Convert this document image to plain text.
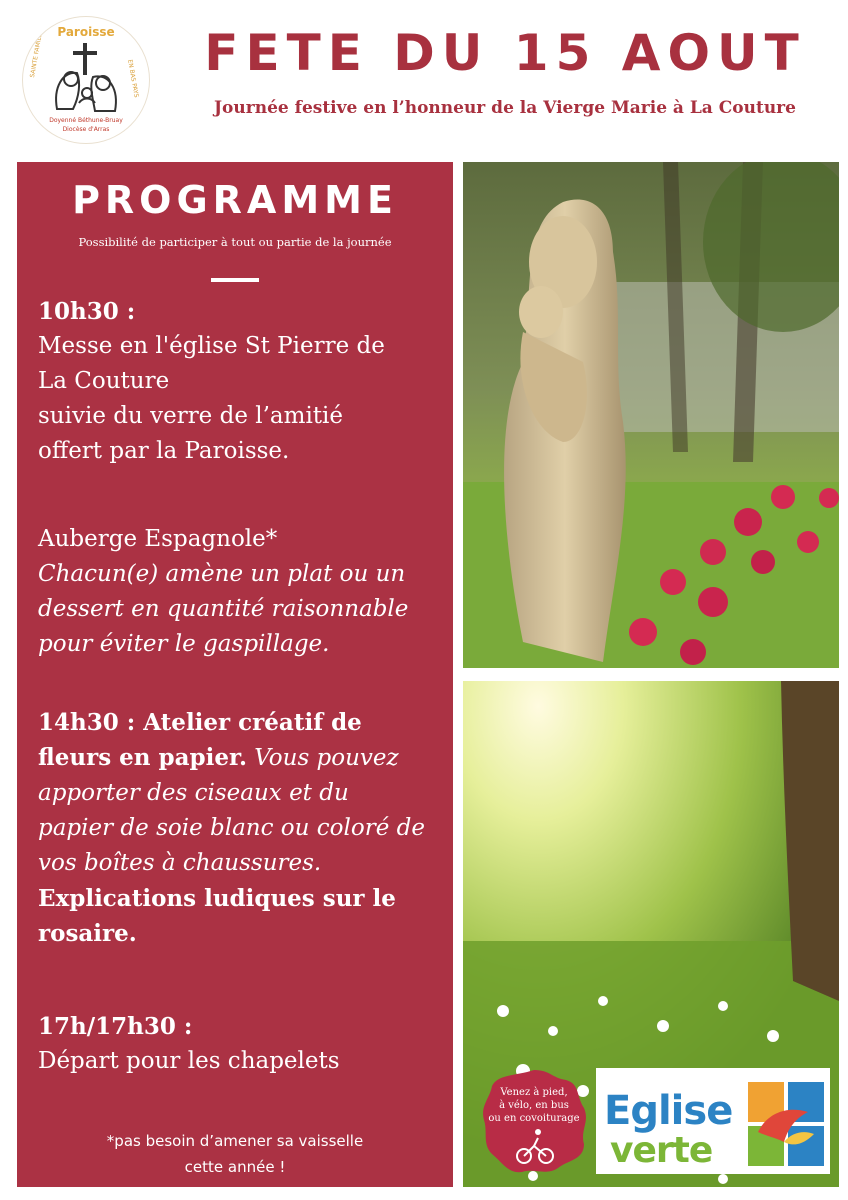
Paroisse
SAINTE FAMILLE
EN BAS PAYS
Doyenné Béthune-Bruay
Diocèse d'Arras
FETE DU 15 AOUT
Journée festive en l’honneur de la Vierge Marie à La Couture
PROGRAMME
Possibilité de participer à tout ou partie de la journée

10h30 :

Messe en l'église St Pierre de

La Couture

suivie du verre de l’amitié

offert par la Paroisse.

Auberge Espagnole*

Chacun(e) amène un plat ou un

dessert en quantité raisonnable

pour éviter le gaspillage.

14h30 : Atelier créatif de

fleurs en papier. Vous pouvez

apporter des ciseaux et du

papier de soie blanc ou coloré de

vos boîtes à chaussures.

Explications ludiques sur le

rosaire.

17h/17h30 :

Départ pour les chapelets

*pas besoin d’amener sa vaisselle
cette année !
Venez à pied,
à vélo, en bus
ou en covoiturage Eglise
verte
